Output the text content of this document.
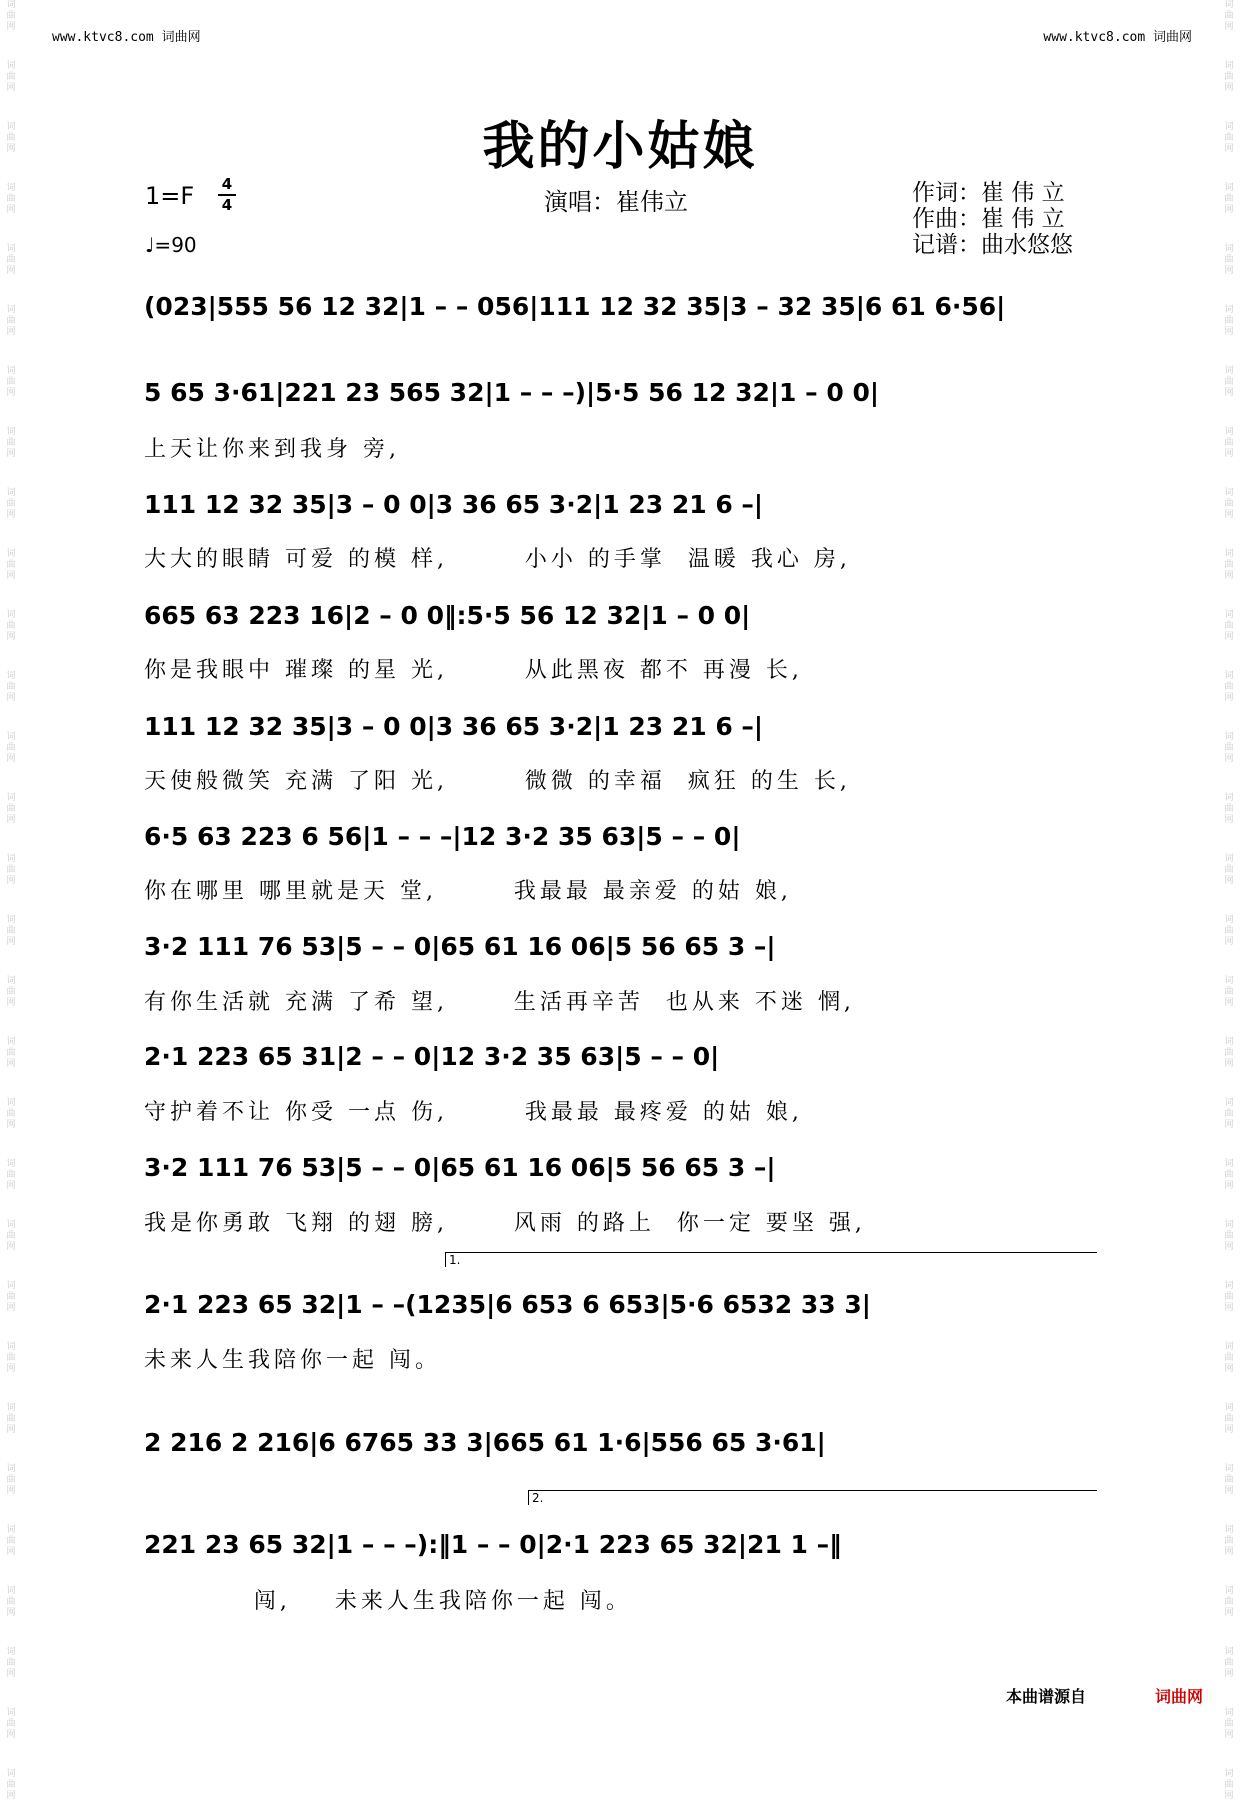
词
曲
网
词
曲
网
词
曲
网
词
曲
网
词
曲
网
词
曲
网
词
曲
网
词
曲
网
词
曲
网
词
曲
网
词
曲
网
词
曲
网
词
曲
网
词
曲
网
词
曲
网
词
曲
网
词
曲
网
词
曲
网
词
曲
网
词
曲
网
词
曲
网
词
曲
网
词
曲
网
词
曲
网
词
曲
网
词
曲
网
词
曲
网
词
曲
网
词
曲
网
词
曲
网
词
曲
网
词
曲
网
词
曲
网
词
曲
网
词
曲
网
词
曲
网
词
曲
网
词
曲
网
词
曲
网
词
曲
网
词
曲
网
词
曲
网
词
曲
网
词
曲
网
词
曲
网
词
曲
网
词
曲
网
词
曲
网
词
曲
网
词
曲
网
词
曲
网
词
曲
网
词
曲
网
词
曲
网
词
曲
网
词
曲
网
词
曲
网
词
曲
网
词
曲
网
词
曲
网
www.ktvc8.com 词曲网	www.ktvc8.com 词曲网
我的小姑娘
1=F 4
4
♩=90
演唱：崔伟立	作词：崔 伟 立
作曲：崔 伟 立
记谱：曲水悠悠
(023|555 56 12 32|1 – – 056|111 12 32 35|3 – 32 35|6 61 6·56|
5 65 3·61|221 23 565 32|1 – – –)|5·5 56 12 32|1 – 0 0|
上天让你来到我身 旁,
111 12 32 35|3 – 0 0|3 36 65 3·2|1 23 21 6 –|
大大的眼睛 可爱 的模 样,       小小 的手掌  温暖 我心 房,
665 63 223 16|2 – 0 0‖:5·5 56 12 32|1 – 0 0|
你是我眼中 璀璨 的星 光,       从此黑夜 都不 再漫 长,
111 12 32 35|3 – 0 0|3 36 65 3·2|1 23 21 6 –|
天使般微笑 充满 了阳 光,       微微 的幸福  疯狂 的生 长,
6·5 63 223 6 56|1 – – –|12 3·2 35 63|5 – – 0|
你在哪里 哪里就是天 堂,       我最最 最亲爱 的姑 娘,
3·2 111 76 53|5 – – 0|65 61 16 06|5 56 65 3 –|
有你生活就 充满 了希 望,      生活再辛苦  也从来 不迷 惘,
2·1 223 65 31|2 – – 0|12 3·2 35 63|5 – – 0|
守护着不让 你受 一点 伤,       我最最 最疼爱 的姑 娘,
3·2 111 76 53|5 – – 0|65 61 16 06|5 56 65 3 –|
我是你勇敢 飞翔 的翅 膀,      风雨 的路上  你一定 要坚 强,
2·1 223 65 32|1 – –(1235|6 653 6 653|5·6 6532 33 3|
未来人生我陪你一起 闯。
2 216 2 216|6 6765 33 3|665 61 1·6|556 65 3·61|
221 23 65 32|1 – – –):‖1 – – 0|2·1 223 65 32|21 1 –‖
闯,    未来人生我陪你一起 闯。
1.
2.
本曲谱源自	词曲网
